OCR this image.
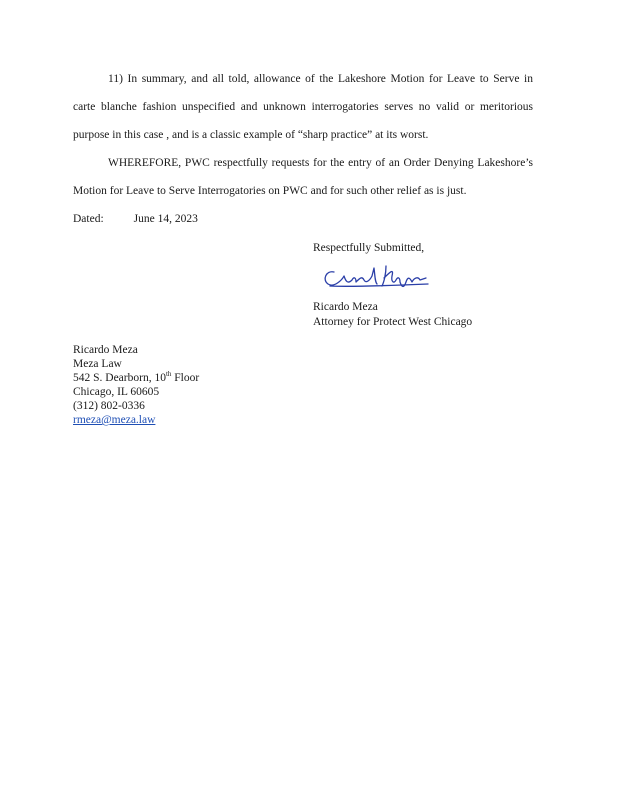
11) In summary, and all told, allowance of the Lakeshore Motion for Leave to Serve in
carte blanche fashion unspecified and unknown interrogatories serves no valid or meritorious
purpose in this case , and is a classic example of “sharp practice” at its worst.
WHEREFORE, PWC respectfully requests for the entry of an Order Denying Lakeshore’s
Motion for Leave to Serve Interrogatories on PWC and for such other relief as is just.
Dated:	June 14, 2023
Respectfully Submitted,
Ricardo Meza
Attorney for Protect West Chicago
Ricardo Meza
Meza Law
542 S. Dearborn, 10th Floor
Chicago, IL 60605
(312) 802-0336
rmeza@meza.law
